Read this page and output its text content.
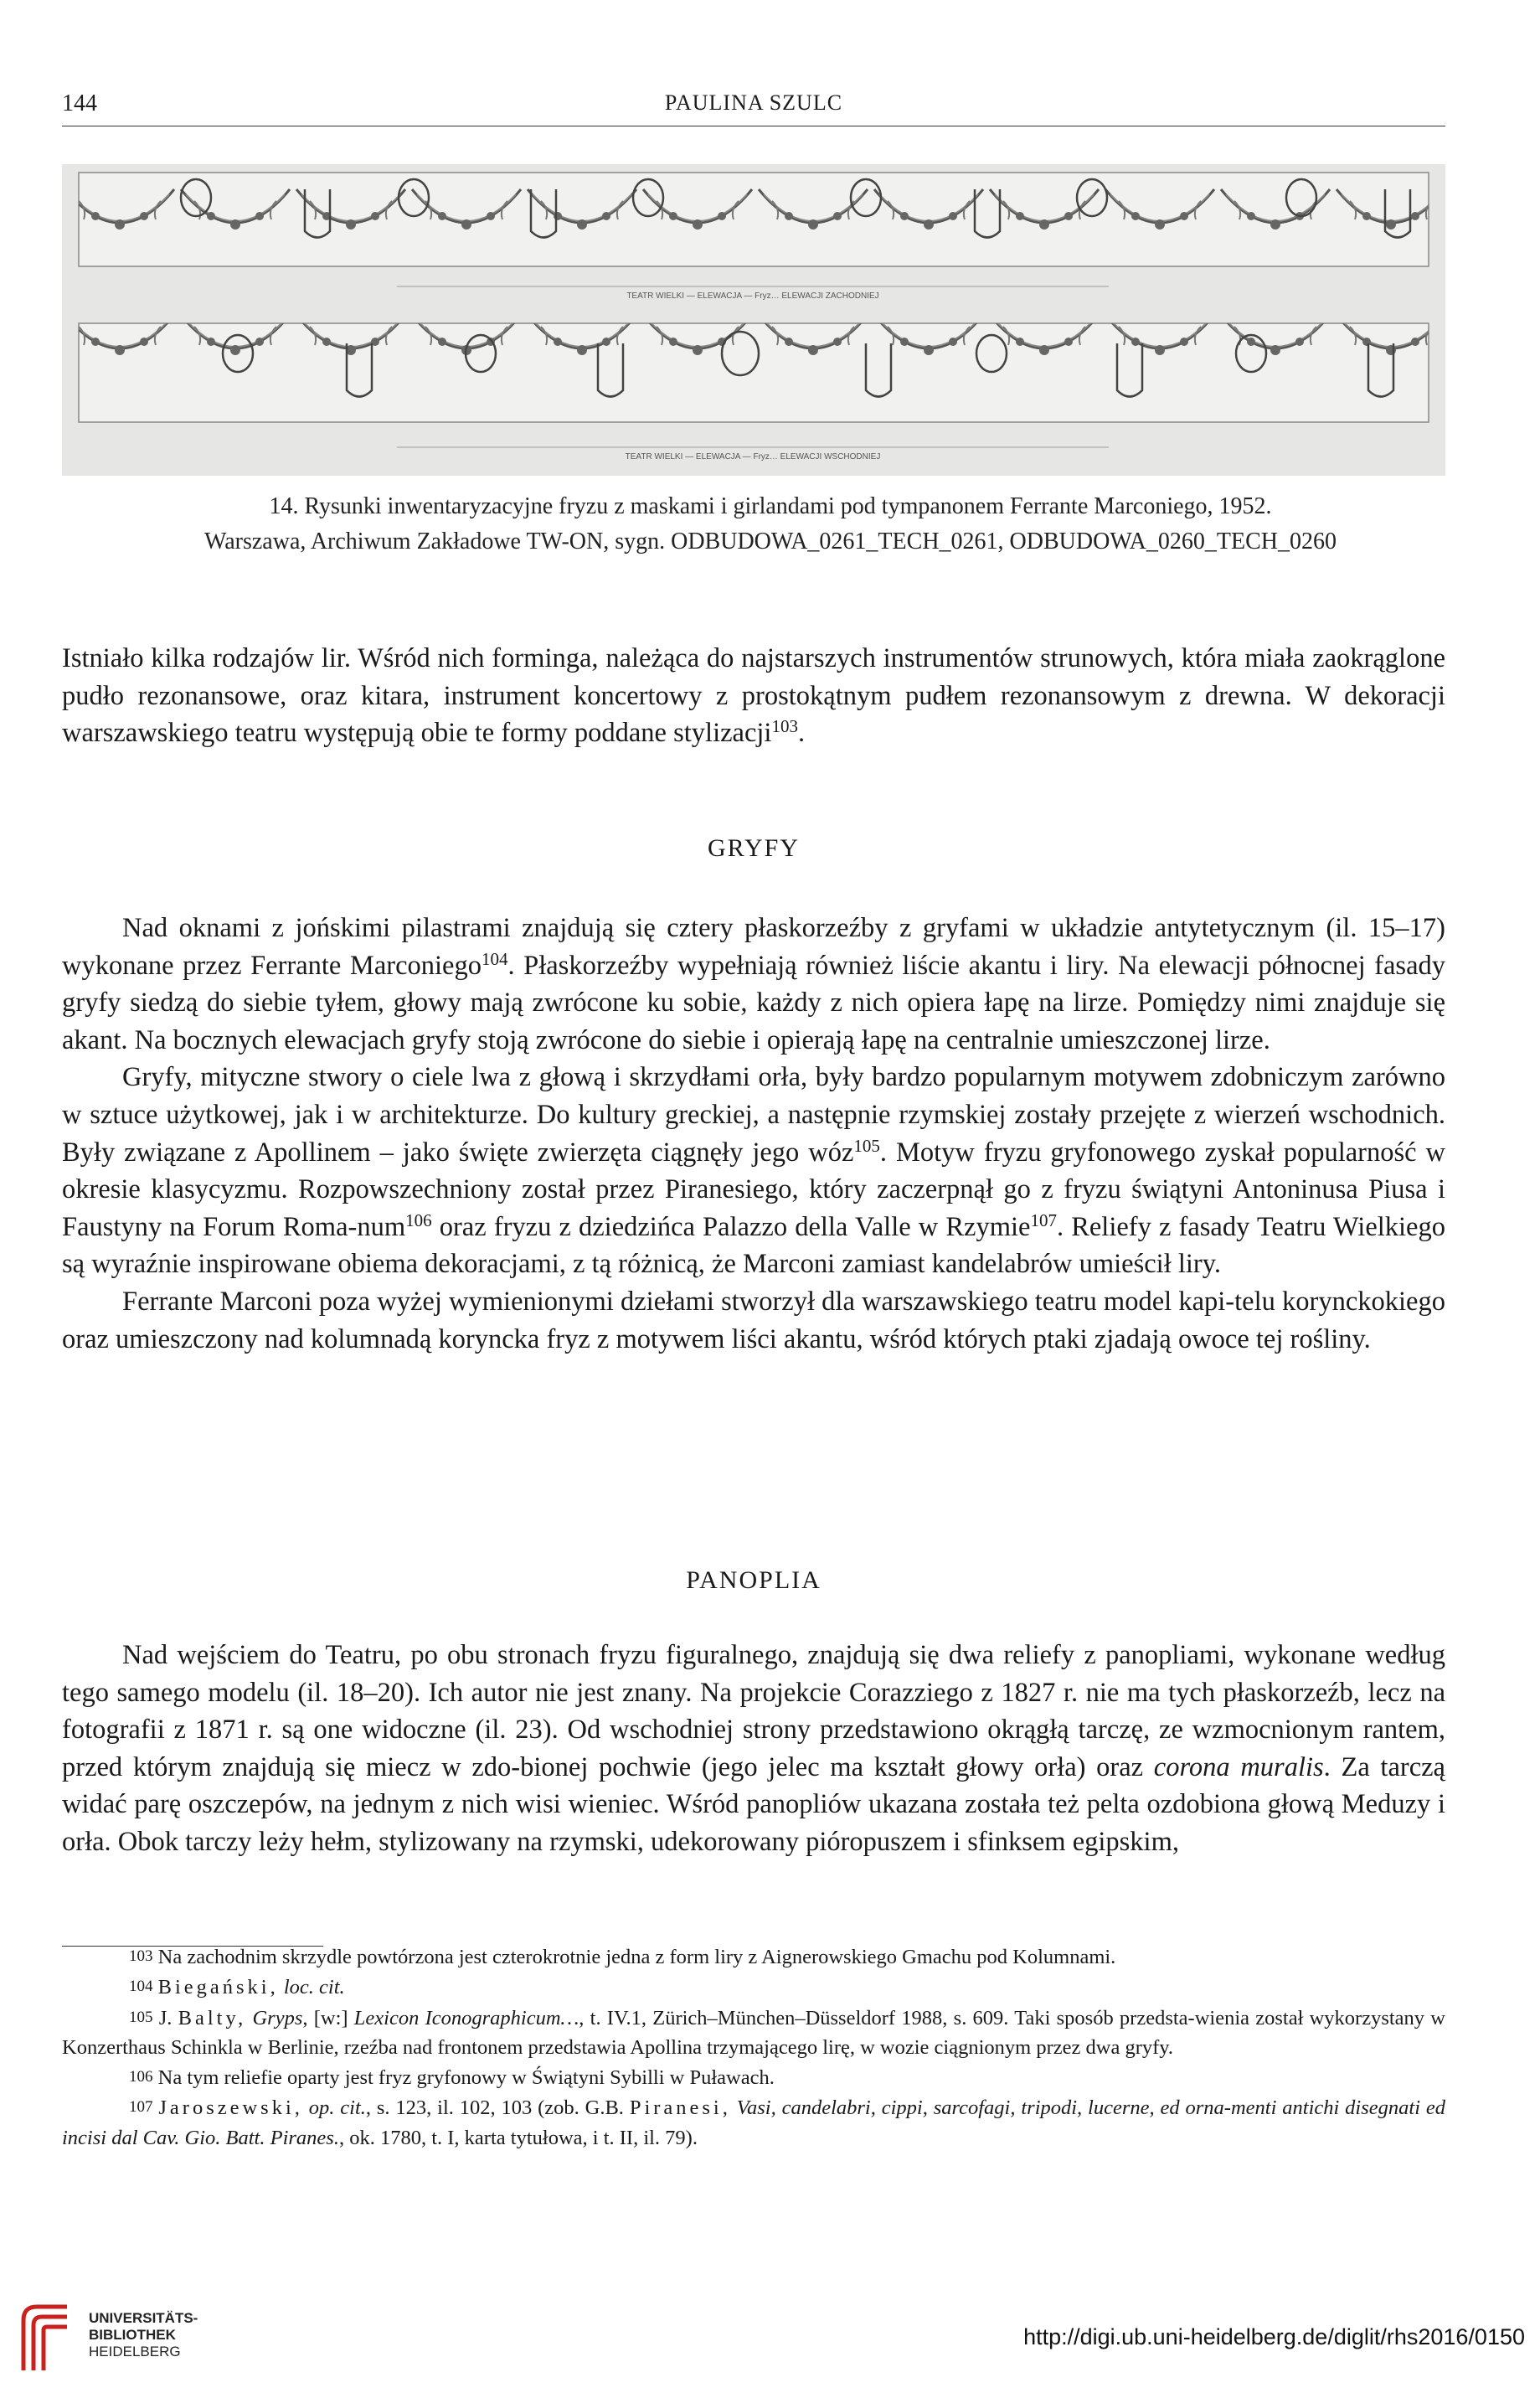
144	PAULINA SZULC
TEATR WIELKI — ELEWACJA — Fryz… ELEWACJI ZACHODNIEJ
TEATR WIELKI — ELEWACJA — Fryz… ELEWACJI WSCHODNIEJ
14. Rysunki inwentaryzacyjne fryzu z maskami i girlandami pod tympanonem Ferrante Marconiego, 1952.
Warszawa, Archiwum Zakładowe TW-ON, sygn. ODBUDOWA_0261_TECH_0261, ODBUDOWA_0260_TECH_0260

Istniało kilka rodzajów lir. Wśród nich forminga, należąca do najstarszych instrumentów strunowych, która miała zaokrąglone pudło rezonansowe, oraz kitara, instrument koncertowy z prostokątnym pudłem rezonansowym z drewna. W dekoracji warszawskiego teatru występują obie te formy poddane stylizacji$^{103}$.

GRYFY

Nad oknami z jońskimi pilastrami znajdują się cztery płaskorzeźby z gryfami w układzie antytetycznym (il. 15–17) wykonane przez Ferrante Marconiego$^{104}$. Płaskorzeźby wypełniają również liście akantu i liry. Na elewacji północnej fasady gryfy siedzą do siebie tyłem, głowy mają zwrócone ku sobie, każdy z nich opiera łapę na lirze. Pomiędzy nimi znajduje się akant. Na bocznych elewacjach gryfy stoją zwrócone do siebie i opierają łapę na centralnie umieszczonej lirze.

Gryfy, mityczne stwory o ciele lwa z głową i skrzydłami orła, były bardzo popularnym motywem zdobniczym zarówno w sztuce użytkowej, jak i w architekturze. Do kultury greckiej, a następnie rzymskiej zostały przejęte z wierzeń wschodnich. Były związane z Apollinem – jako święte zwierzęta ciągnęły jego wóz$^{105}$. Motyw fryzu gryfonowego zyskał popularność w okresie klasycyzmu. Rozpowszechniony został przez Piranesiego, który zaczerpnął go z fryzu świątyni Antoninusa Piusa i Faustyny na Forum Roma-num$^{106}$ oraz fryzu z dziedzińca Palazzo della Valle w Rzymie$^{107}$. Reliefy z fasady Teatru Wielkiego są wyraźnie inspirowane obiema dekoracjami, z tą różnicą, że Marconi zamiast kandelabrów umieścił liry.

Ferrante Marconi poza wyżej wymienionymi dziełami stworzył dla warszawskiego teatru model kapi-telu korynckokiego oraz umieszczony nad kolumnadą koryncka fryz z motywem liści akantu, wśród których ptaki zjadają owoce tej rośliny.

PANOPLIA

Nad wejściem do Teatru, po obu stronach fryzu figuralnego, znajdują się dwa reliefy z panopliami, wykonane według tego samego modelu (il. 18–20). Ich autor nie jest znany. Na projekcie Corazziego z 1827 r. nie ma tych płaskorzeźb, lecz na fotografii z 1871 r. są one widoczne (il. 23). Od wschodniej strony przedstawiono okrągłą tarczę, ze wzmocnionym rantem, przed którym znajdują się miecz w zdo-bionej pochwie (jego jelec ma kształt głowy orła) oraz corona muralis. Za tarczą widać parę oszczepów, na jednym z nich wisi wieniec. Wśród panopliów ukazana została też pelta ozdobiona głową Meduzy i orła. Obok tarczy leży hełm, stylizowany na rzymski, udekorowany pióropuszem i sfinksem egipskim,

103 Na zachodnim skrzydle powtórzona jest czterokrotnie jedna z form liry z Aignerowskiego Gmachu pod Kolumnami.

104 Biegański, loc. cit.

105 J. Balty, Gryps, [w:] Lexicon Iconographicum…, t. IV.1, Zürich–München–Düsseldorf 1988, s. 609. Taki sposób przedsta-wienia został wykorzystany w Konzerthaus Schinkla w Berlinie, rzeźba nad frontonem przedstawia Apollina trzymającego lirę, w wozie ciągnionym przez dwa gryfy.

106 Na tym reliefie oparty jest fryz gryfonowy w Świątyni Sybilli w Puławach.

107 Jaroszewski, op. cit., s. 123, il. 102, 103 (zob. G.B. Piranesi, Vasi, candelabri, cippi, sarcofagi, tripodi, lucerne, ed orna-menti antichi disegnati ed incisi dal Cav. Gio. Batt. Piranes., ok. 1780, t. I, karta tytułowa, i t. II, il. 79).

UNIVERSITÄTS-
BIBLIOTHEK
HEIDELBERG
http://digi.ub.uni-heidelberg.de/diglit/rhs2016/0150
